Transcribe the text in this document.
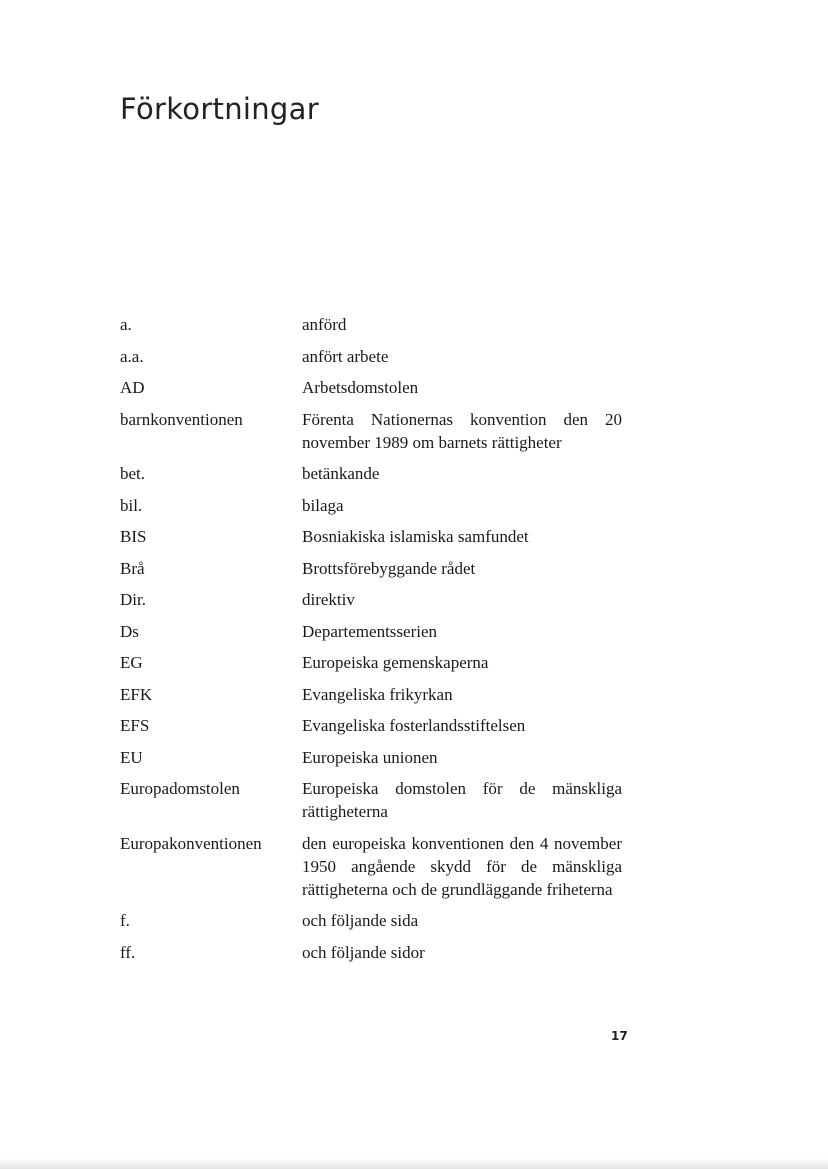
Förkortningar
a.	anförd
a.a.	anfört arbete
AD	Arbetsdomstolen
barnkonventionen	Förenta Nationernas konvention den 20 november 1989 om barnets rättigheter
bet.	betänkande
bil.	bilaga
BIS	Bosniakiska islamiska samfundet
Brå	Brottsförebyggande rådet
Dir.	direktiv
Ds	Departementsserien
EG	Europeiska gemenskaperna
EFK	Evangeliska frikyrkan
EFS	Evangeliska fosterlandsstiftelsen
EU	Europeiska unionen
Europadomstolen	Europeiska domstolen för de mänskliga rättigheterna
Europakonventionen	den europeiska konventionen den 4 november 1950 angående skydd för de mänskliga rättigheterna och de grundläggande friheterna
f.	och följande sida
ff.	och följande sidor
17
